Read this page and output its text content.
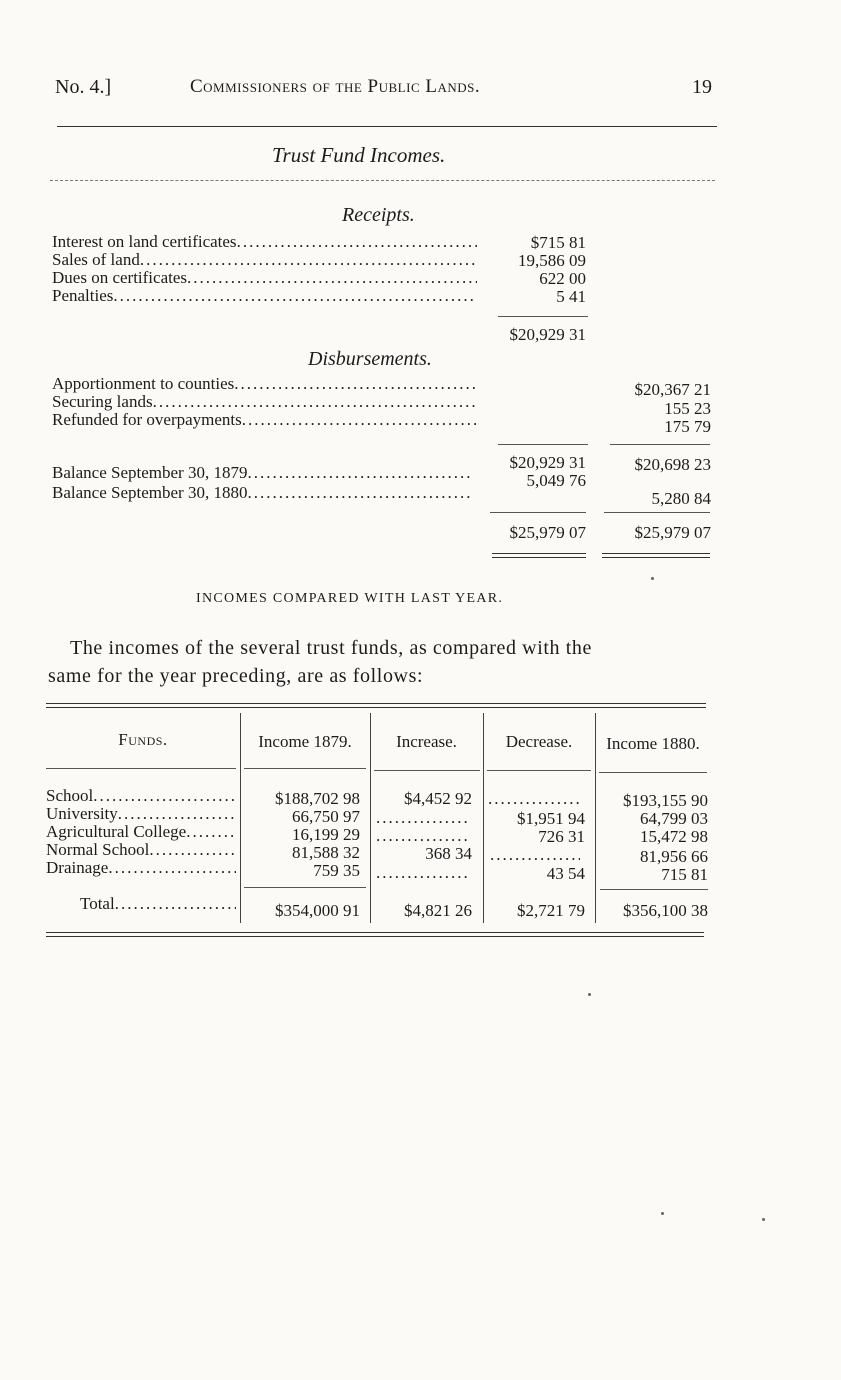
No. 4.]	Commissioners of the Public Lands.	19
Trust Fund Incomes.
Receipts.
Interest on land certificates .....	$715 81
Sales of land .....	19,586 09
Dues on certificates .....	622 00
Penalties .....	5 41
$20,929 31
Disbursements.
Apportionment to counties .....	$20,367 21
Securing lands .....	155 23
Refunded for overpayments .....	175 79
$20,929 31	$20,698 23
Balance September 30, 1879 .....	5,049 76
Balance September 30, 1880 .....	5,280 84
$25,979 07	$25,979 07
INCOMES COMPARED WITH LAST YEAR.
The incomes of the several trust funds, as compared with the
same for the year preceding, are as follows:
Funds.	Income 1879.	Increase.	Decrease.	Income 1880.
School .....	$188,702 98	$4,452 92 .....	$193,155 90
University .....	66,750 97 .....	$1,951 94	64,799 03
Agricultural College .....	16,199 29 .....	726 31	15,472 98
Normal School .....	81,588 32	368 34 .....	81,956 66
Drainage .....	759 35 .....	43 54	715 81
Total .....	$354,000 91	$4,821 26	$2,721 79	$356,100 38
